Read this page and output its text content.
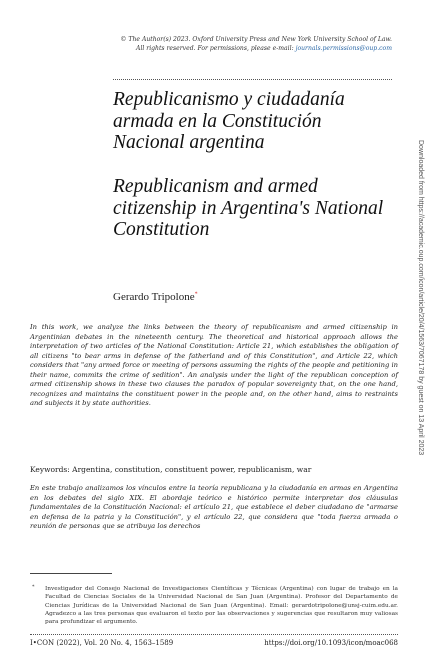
© The Author(s) 2023. Oxford University Press and New York University School of Law.
All rights reserved. For permissions, please e-mail: journals.permissions@oup.com
Republicanismo y ciudadanía armada en la Constitución Nacional argentina
Republicanism and armed citizenship in Argentina's National Constitution
Gerardo Tripolone*

In this work, we analyze the links between the theory of republicanism and armed citizenship in Argentinian debates in the nineteenth century. The theoretical and historical approach allows the interpretation of two articles of the National Constitution: Article 21, which establishes the obligation of all citizens "to bear arms in defense of the fatherland and of this Constitution", and Article 22, which considers that "any armed force or meeting of persons assuming the rights of the people and petitioning in their name, commits the crime of sedition". An analysis under the light of the republican conception of armed citizenship shows in these two clauses the paradox of popular sovereignty that, on the one hand, recognizes and maintains the constituent power in the people and, on the other hand, aims to restraints and subjects it by state authorities.

Keywords: Argentina, constitution, constituent power, republicanism, war

En este trabajo analizamos los vínculos entre la teoría republicana y la ciudadanía en armas en Argentina en los debates del siglo XIX. El abordaje teórico e histórico permite interpretar dos cláusulas fundamentales de la Constitución Nacional: el artículo 21, que establece el deber ciudadano de "armarse en defensa de la patria y la Constitución", y el artículo 22, que considera que "toda fuerza armada o reunión de personas que se atribuya los derechos

* Investigador del Consejo Nacional de Investigaciones Científicas y Técnicas (Argentina) con lugar de trabajo en la Facultad de Ciencias Sociales de la Universidad Nacional de San Juan (Argentina). Profesor del Departamento de Ciencias Jurídicas de la Universidad Nacional de San Juan (Argentina). Email: gerardotripolone@unsj-cuim.edu.ar. Agradezco a las tres personas que evaluaron el texto por las observaciones y sugerencias que resultaron muy valiosas para profundizar el argumento.
I•CON (2022), Vol. 20 No. 4, 1563–1589	https://doi.org/10.1093/icon/moac068
Downloaded from https://academic.oup.com/icon/article/20/4/1563/7067178 by guest on 13 April 2023
